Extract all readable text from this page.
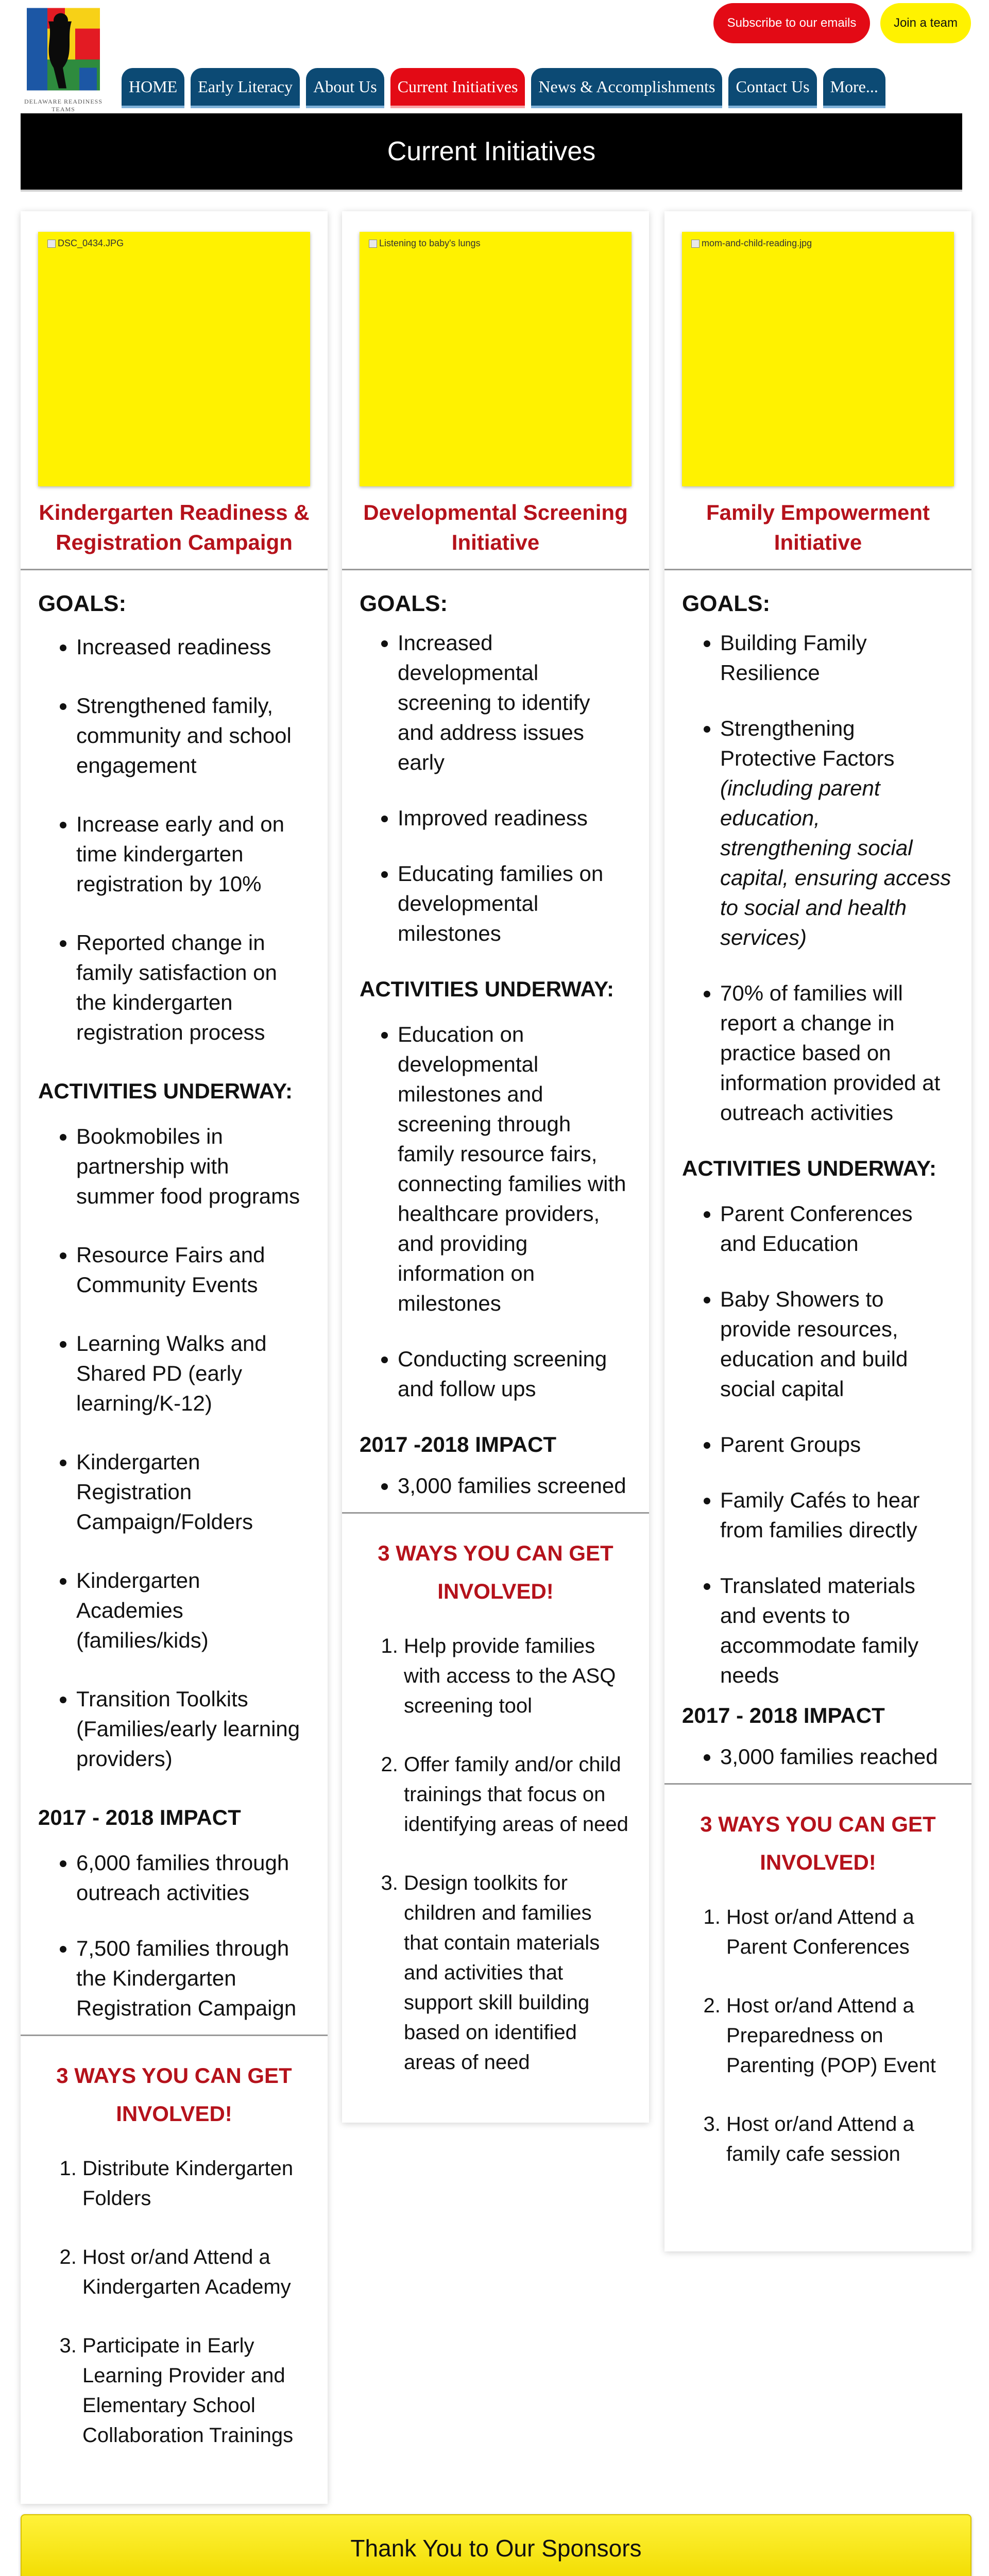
DELAWARE READINESS TEAMS
Subscribe to our emails	Join a team
HOME	Early Literacy	About Us	Current Initiatives	News & Accomplishments	Contact Us	More...
Current Initiatives
DSC_0434.JPG
Kindergarten Readiness & Registration Campaign
GOALS:
• Increased readiness
• Strengthened family, community and school engagement
• Increase early and on time kindergarten registration by 10%
• Reported change in family satisfaction on the kindergarten registration process
ACTIVITIES UNDERWAY:
• Bookmobiles in partnership with summer food programs
• Resource Fairs and Community Events
• Learning Walks and Shared PD (early learning/K-12)
• Kindergarten Registration Campaign/Folders
• Kindergarten Academies (families/kids)
• Transition Toolkits (Families/early learning providers)
2017 - 2018 IMPACT
• 6,000 families through outreach activities
• 7,500 families through the Kindergarten Registration Campaign
3 WAYS YOU CAN GET INVOLVED!
1. Distribute Kindergarten Folders
2. Host or/and Attend a Kindergarten Academy
3. Participate in Early Learning Provider and Elementary School Collaboration Trainings
Listening to baby's lungs
Developmental Screening Initiative
GOALS:
• Increased developmental screening to identify and address issues early
• Improved readiness
• Educating families on developmental milestones
ACTIVITIES UNDERWAY:
• Education on developmental milestones and screening through family resource fairs, connecting families with healthcare providers, and providing information on milestones
• Conducting screening and follow ups
2017 -2018 IMPACT
• 3,000 families screened
3 WAYS YOU CAN GET INVOLVED!
1. Help provide families with access to the ASQ screening tool
2. Offer family and/or child trainings that focus on identifying areas of need
3. Design toolkits for children and families that contain materials and activities that support skill building based on identified areas of need
mom-and-child-reading.jpg
Family Empowerment Initiative
GOALS:
• Building Family Resilience
• Strengthening Protective Factors
(including parent education, strengthening social capital, ensuring access to social and health services)
• 70% of families will report a change in practice based on information provided at outreach activities
ACTIVITIES UNDERWAY:
• Parent Conferences and Education
• Baby Showers to provide resources, education and build social capital
• Parent Groups
• Family Cafés to hear from families directly
• Translated materials and events to accommodate family needs
2017 - 2018 IMPACT
• 3,000 families reached
3 WAYS YOU CAN GET INVOLVED!
1. Host or/and Attend a Parent Conferences
2. Host or/and Attend a Preparedness on Parenting (POP) Event
3. Host or/and Attend a family cafe session
Thank You to Our Sponsors
